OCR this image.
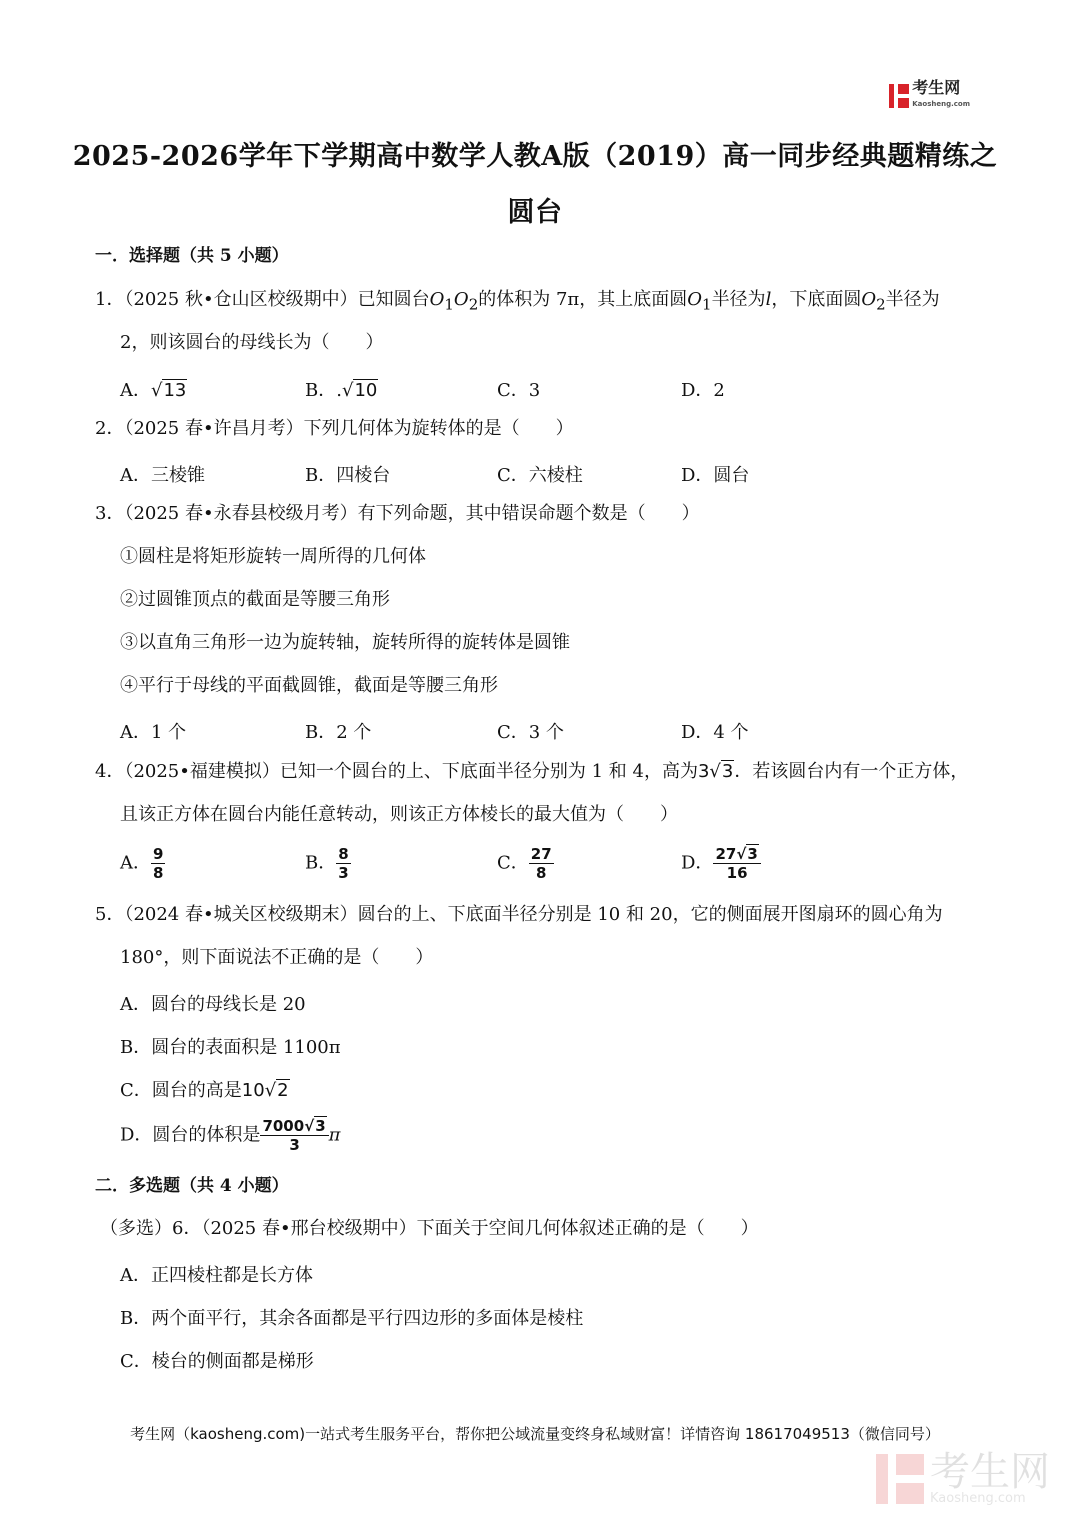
考生网
Kaosheng.com
2025-2026学年下学期高中数学人教A版（2019）高一同步经典题精练之
圆台
一．选择题（共 5 小题）
1．（2025 秋•仓山区校级期中）已知圆台$O_1O_2$的体积为 7π，其上底面圆$O_1$半径为l，下底面圆$O_2$半径为
2，则该圆台的母线长为（　　）
A．√13	B．.√10	C．3	D．2
2．（2025 春•许昌月考）下列几何体为旋转体的是（　　）
A．三棱锥	B．四棱台	C．六棱柱	D．圆台
3．（2025 春•永春县校级月考）有下列命题，其中错误命题个数是（　　）
①圆柱是将矩形旋转一周所得的几何体
②过圆锥顶点的截面是等腰三角形
③以直角三角形一边为旋转轴，旋转所得的旋转体是圆锥
④平行于母线的平面截圆锥，截面是等腰三角形
A．1 个	B．2 个	C．3 个	D．4 个
4．（2025•福建模拟）已知一个圆台的上、下底面半径分别为 1 和 4，高为3√3．若该圆台内有一个正方体，
且该正方体在圆台内能任意转动，则该正方体棱长的最大值为（　　）
A． $\frac{9}{8}$	B． $\frac{8}{3}$	C． $\frac{27}{8}$	D． $\frac{27√3}{16}$
5．（2024 春•城关区校级期末）圆台的上、下底面半径分别是 10 和 20，它的侧面展开图扇环的圆心角为
180°，则下面说法不正确的是（　　）
A．圆台的母线长是 20
B．圆台的表面积是 1100π
C．圆台的高是10√2
D．圆台的体积是 $\frac{7000√3}{3}$ π
二．多选题（共 4 小题）
（多选）6．（2025 春•邢台校级期中）下面关于空间几何体叙述正确的是（　　）
A．正四棱柱都是长方体
B．两个面平行，其余各面都是平行四边形的多面体是棱柱
C．棱台的侧面都是梯形
考生网（kaosheng.com)一站式考生服务平台，帮你把公域流量变终身私域财富！详情咨询 18617049513（微信同号）
考生网
Kaosheng.com
